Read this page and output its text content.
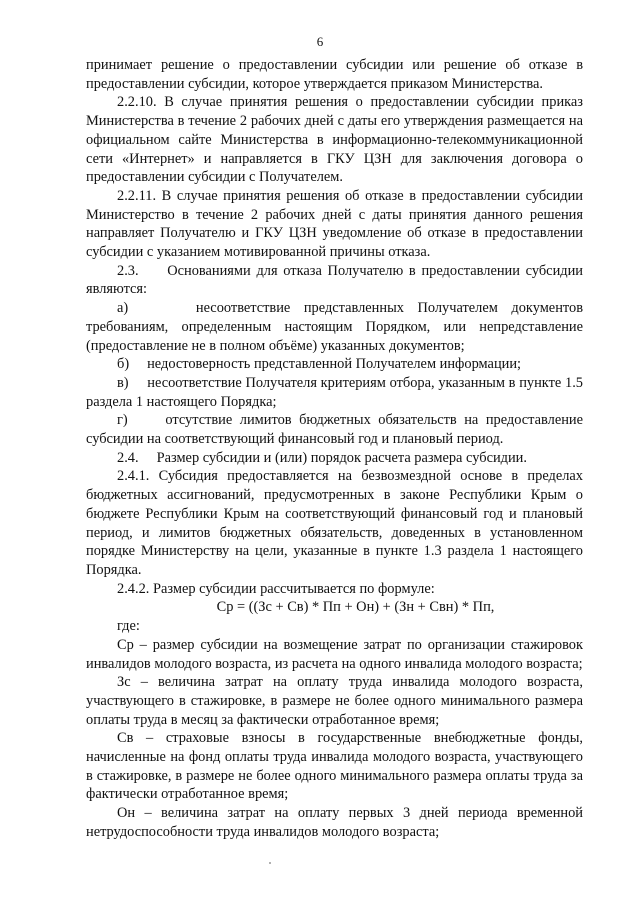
6

принимает решение о предоставлении субсидии или решение об отказе в предоставлении субсидии, которое утверждается приказом Министерства.

2.2.10. В случае принятия решения о предоставлении субсидии приказ Министерства в течение 2 рабочих дней с даты его утверждения размещается на официальном сайте Министерства в информационно-телекоммуникационной сети «Интернет» и направляется в ГКУ ЦЗН для заключения договора о предоставлении субсидии с Получателем.

2.2.11. В случае принятия решения об отказе в предоставлении субсидии Министерство в течение 2 рабочих дней с даты принятия данного решения направляет Получателю и ГКУ ЦЗН уведомление об отказе в предоставлении субсидии с указанием мотивированной причины отказа.

2.3.     Основаниями для отказа Получателю в предоставлении субсидии являются:

а)     несоответствие представленных Получателем документов требованиям, определенным настоящим Порядком, или непредставление (предоставление не в полном объёме) указанных документов;

б)     недостоверность представленной Получателем информации;

в)     несоответствие Получателя критериям отбора, указанным в пункте 1.5 раздела 1 настоящего Порядка;

г)     отсутствие лимитов бюджетных обязательств на предоставление субсидии на соответствующий финансовый год и плановый период.

2.4.     Размер субсидии и (или) порядок расчета размера субсидии.

2.4.1. Субсидия предоставляется на безвозмездной основе в пределах бюджетных ассигнований, предусмотренных в законе Республики Крым о бюджете Республики Крым на соответствующий финансовый год и плановый период, и лимитов бюджетных обязательств, доведенных в установленном порядке Министерству на цели, указанные в пункте 1.3 раздела 1 настоящего Порядка.

2.4.2. Размер субсидии рассчитывается по формуле:

Ср = ((Зс + Св) * Пп + Он) + (Зн + Свн) * Пп,

где:

Ср – размер субсидии на возмещение затрат по организации стажировок инвалидов молодого возраста, из расчета на одного инвалида молодого возраста;

Зс – величина затрат на оплату труда инвалида молодого возраста, участвующего в стажировке, в размере не более одного минимального размера оплаты труда в месяц за фактически отработанное время;

Св – страховые взносы в государственные внебюджетные фонды, начисленные на фонд оплаты труда инвалида молодого возраста, участвующего в стажировке, в размере не более одного минимального размера оплаты труда за фактически отработанное время;

Он – величина затрат на оплату первых 3 дней периода временной нетрудоспособности труда инвалидов молодого возраста;
